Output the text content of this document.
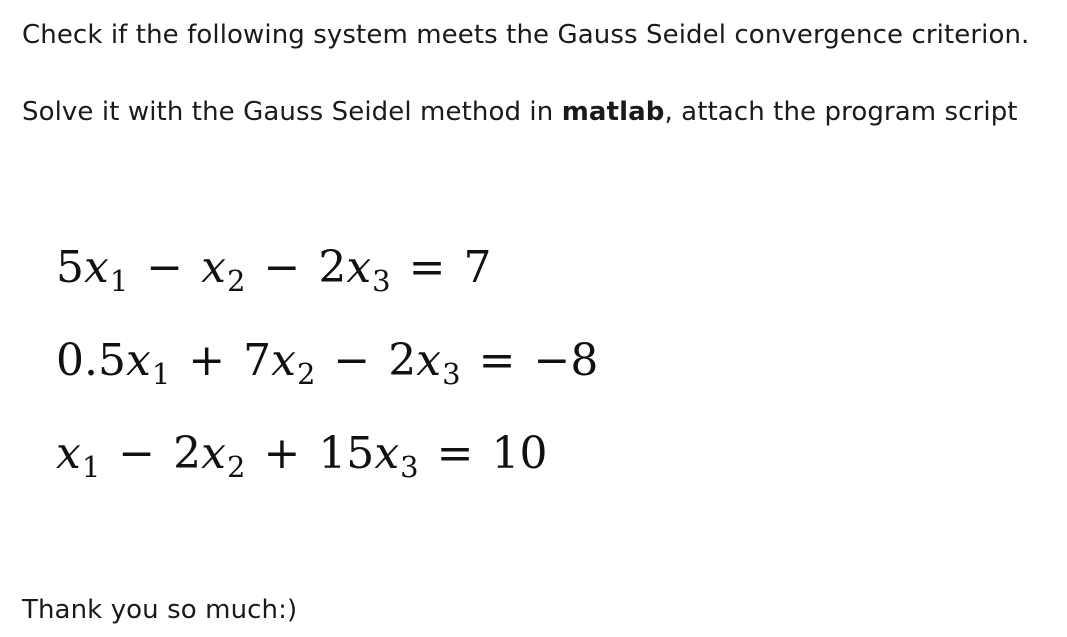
Check if the following system meets the Gauss Seidel convergence criterion.
Solve it with the Gauss Seidel method in matlab, attach the program script
$5x_1 - x_2 - 2x_3 = 7$
$0.5x_1 + 7x_2 - 2x_3 = -8$
$x_1 - 2x_2 + 15x_3 = 10$
Thank you so much:)
